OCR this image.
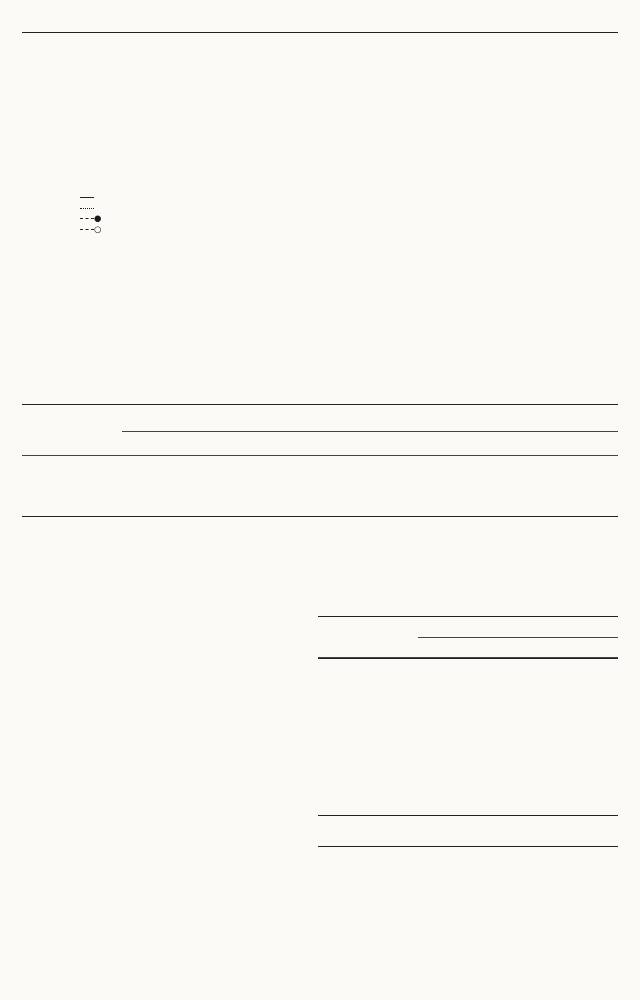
●
○
